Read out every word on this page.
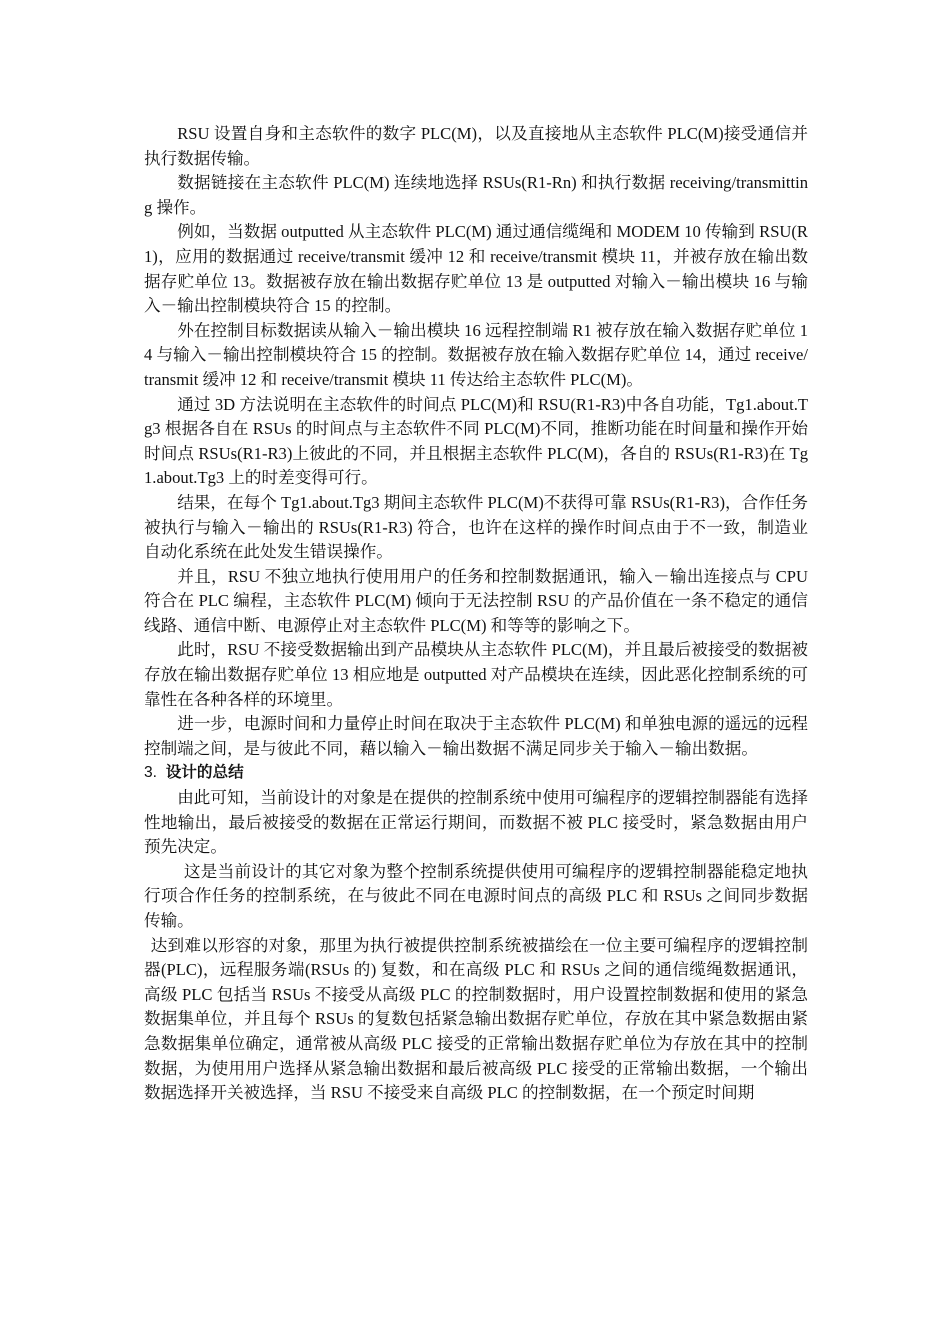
RSU 设置自身和主态软件的数字 PLC(M)，以及直接地从主态软件 PLC(M)接受通信并执行数据传输。

数据链接在主态软件 PLC(M) 连续地选择 RSUs(R1-Rn) 和执行数据 receiving/transmitting 操作。

例如，当数据 outputted 从主态软件 PLC(M) 通过通信缆绳和 MODEM 10 传输到 RSU(R1)，应用的数据通过 receive/transmit 缓冲 12 和 receive/transmit 模块 11，并被存放在输出数据存贮单位 13。数据被存放在输出数据存贮单位 13 是 outputted 对输入－输出模块 16 与输入－输出控制模块符合 15 的控制。

外在控制目标数据读从输入－输出模块 16 远程控制端 R1 被存放在输入数据存贮单位 14 与输入－输出控制模块符合 15 的控制。数据被存放在输入数据存贮单位 14，通过 receive/transmit 缓冲 12 和 receive/transmit 模块 11 传达给主态软件 PLC(M)。

通过 3D 方法说明在主态软件的时间点 PLC(M)和 RSU(R1-R3)中各自功能，Tg1.about.Tg3 根据各自在 RSUs 的时间点与主态软件不同 PLC(M)不同，推断功能在时间量和操作开始时间点 RSUs(R1-R3)上彼此的不同，并且根据主态软件 PLC(M)，各自的 RSUs(R1-R3)在 Tg1.about.Tg3 上的时差变得可行。

结果，在每个 Tg1.about.Tg3 期间主态软件 PLC(M)不获得可靠 RSUs(R1-R3)，合作任务被执行与输入－输出的 RSUs(R1-R3) 符合，也许在这样的操作时间点由于不一致，制造业自动化系统在此处发生错误操作。

并且，RSU 不独立地执行使用用户的任务和控制数据通讯，输入－输出连接点与 CPU 符合在 PLC 编程，主态软件 PLC(M) 倾向于无法控制 RSU 的产品价值在一条不稳定的通信线路、通信中断、电源停止对主态软件 PLC(M) 和等等的影响之下。

此时，RSU 不接受数据输出到产品模块从主态软件 PLC(M)，并且最后被接受的数据被存放在输出数据存贮单位 13 相应地是 outputted 对产品模块在连续，因此恶化控制系统的可靠性在各种各样的环境里。

进一步，电源时间和力量停止时间在取决于主态软件 PLC(M) 和单独电源的遥远的远程控制端之间，是与彼此不同，藉以输入－输出数据不满足同步关于输入－输出数据。

3. 设计的总结

由此可知，当前设计的对象是在提供的控制系统中使用可编程序的逻辑控制器能有选择性地输出，最后被接受的数据在正常运行期间，而数据不被 PLC 接受时，紧急数据由用户预先决定。

这是当前设计的其它对象为整个控制系统提供使用可编程序的逻辑控制器能稳定地执行项合作任务的控制系统，在与彼此不同在电源时间点的高级 PLC 和 RSUs 之间同步数据传输。

达到难以形容的对象，那里为执行被提供控制系统被描绘在一位主要可编程序的逻辑控制器(PLC)，远程服务端(RSUs 的) 复数，和在高级 PLC 和 RSUs 之间的通信缆绳数据通讯，高级 PLC 包括当 RSUs 不接受从高级 PLC 的控制数据时，用户设置控制数据和使用的紧急数据集单位，并且每个 RSUs 的复数包括紧急输出数据存贮单位，存放在其中紧急数据由紧急数据集单位确定，通常被从高级 PLC 接受的正常输出数据存贮单位为存放在其中的控制数据，为使用用户选择从紧急输出数据和最后被高级 PLC 接受的正常输出数据，一个输出数据选择开关被选择，当 RSU 不接受来自高级 PLC 的控制数据，在一个预定时间期
